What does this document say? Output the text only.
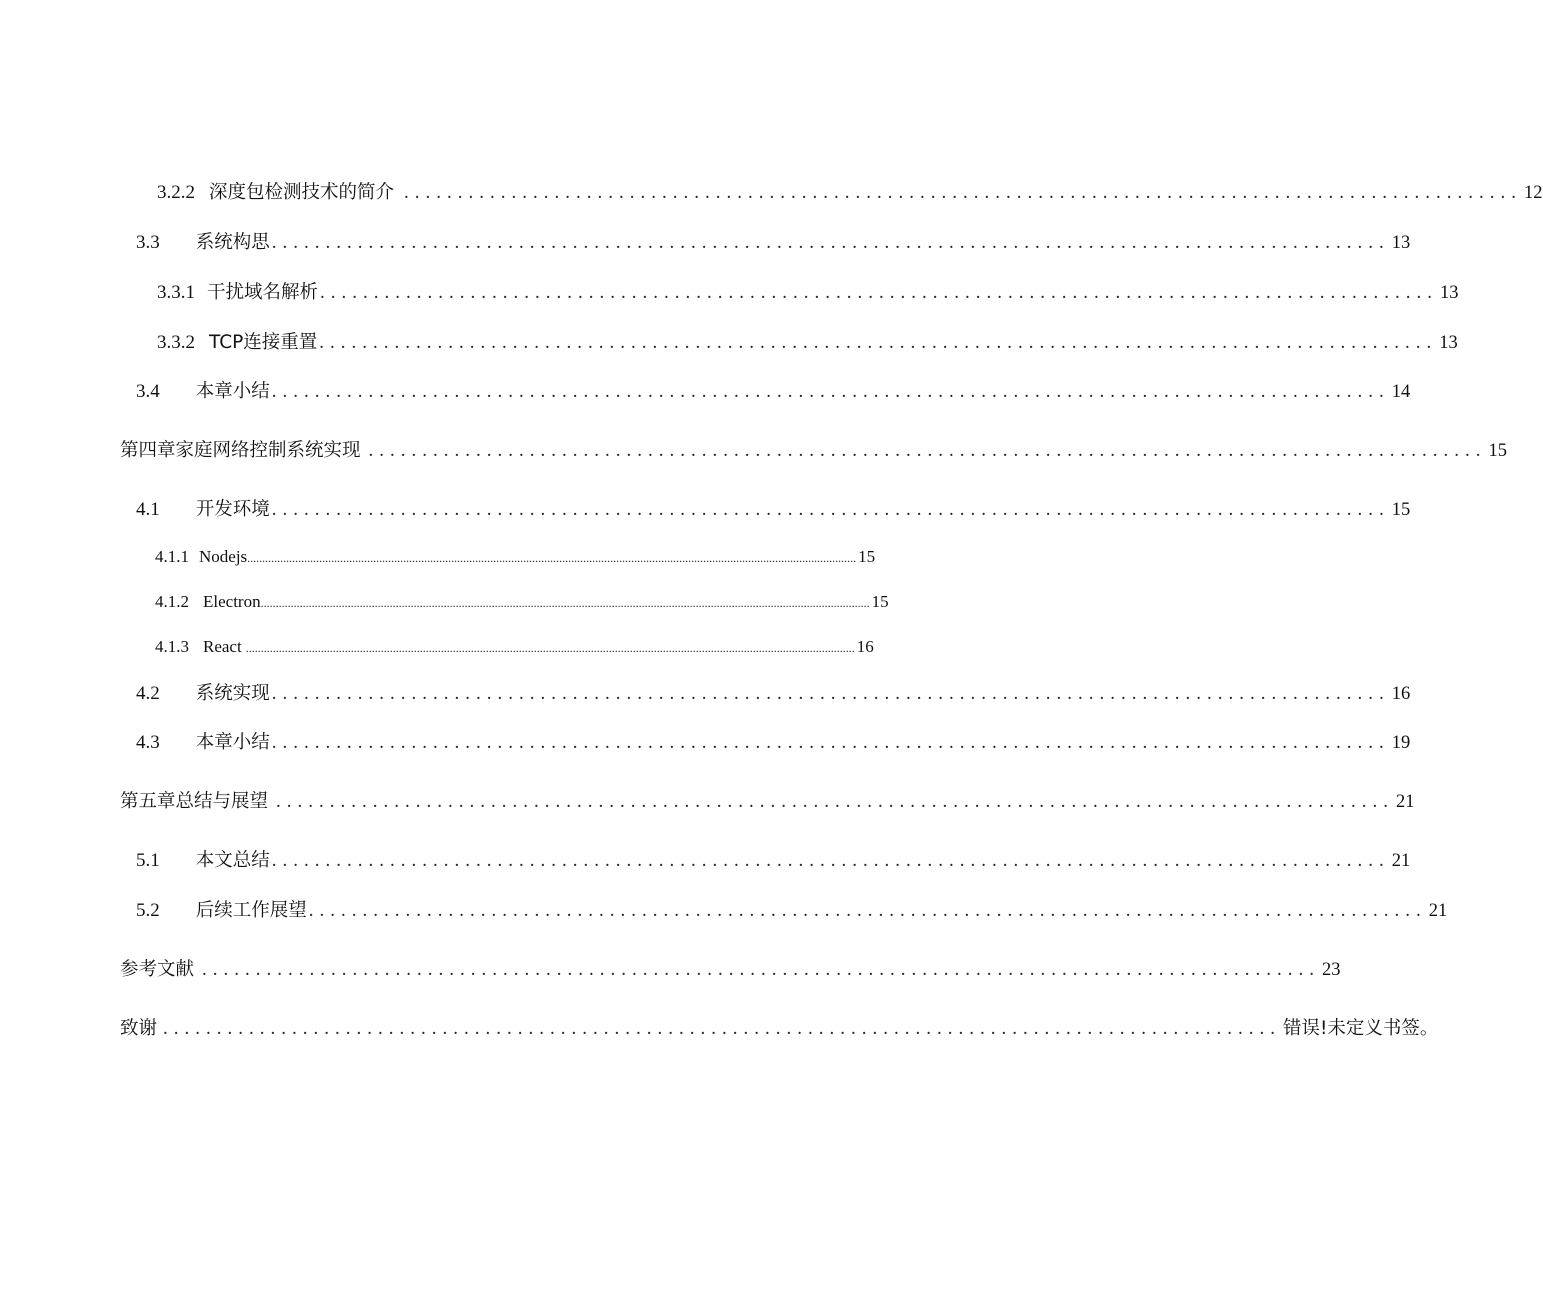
3.2.2 深度包检测技术的简介 ........................................................................................................ 12
3.3 系统构思 ........................................................................................................ 13
3.3.1 干扰域名解析 ........................................................................................................ 13
3.3.2 TCP连接重置 ........................................................................................................ 13
3.4 本章小结 ........................................................................................................ 14
第四章家庭网络控制系统实现 ........................................................................................................ 15
4.1 开发环境 ........................................................................................................ 15
4.1.1 Nodejs ........................................................................................................................................................................................................... 15
4.1.2 Electron ........................................................................................................................................................................................................... 15
4.1.3 React ........................................................................................................................................................................................................... 16
4.2 系统实现 ........................................................................................................ 16
4.3 本章小结 ........................................................................................................ 19
第五章总结与展望 ........................................................................................................ 21
5.1 本文总结 ........................................................................................................ 21
5.2 后续工作展望 ........................................................................................................ 21
参考文献 ........................................................................................................ 23
致谢 ........................................................................................................ 错误!未定义书签。
